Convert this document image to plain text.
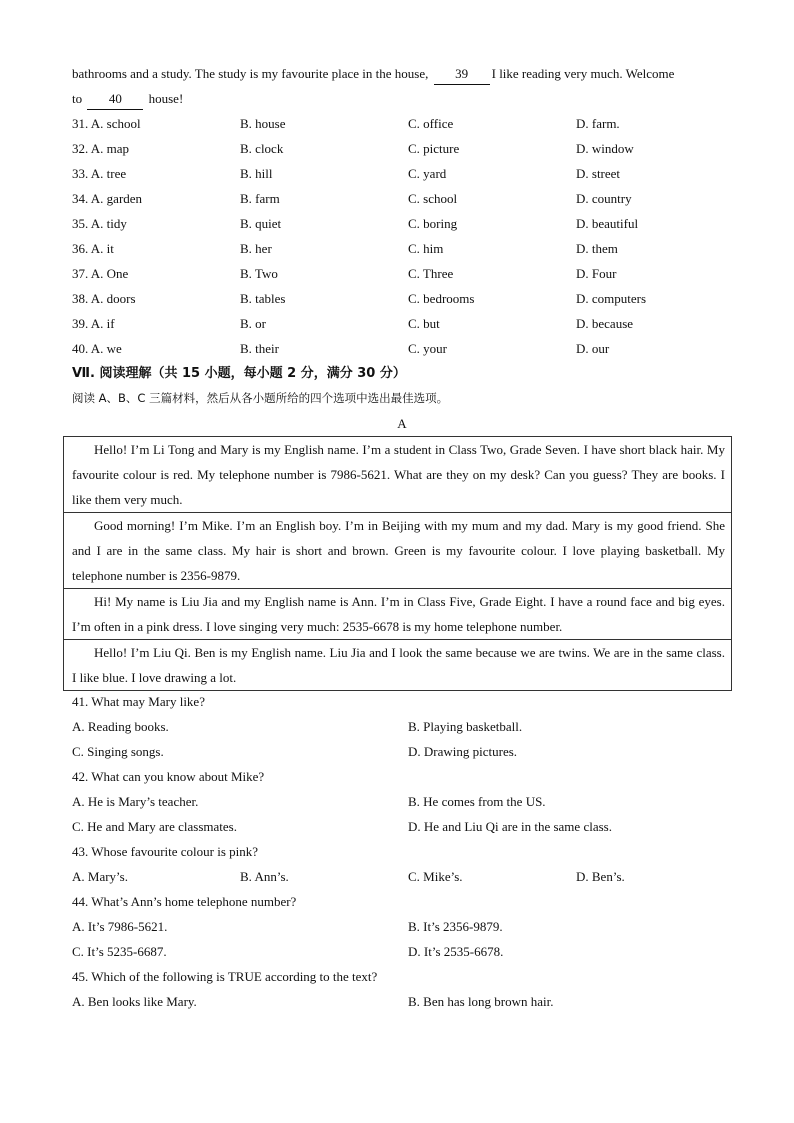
bathrooms and a study. The study is my favourite place in the house, 39 I like reading very much. Welcome
to 40 house!
31. A. school	B. house	C. office	D. farm.
32. A. map	B. clock	C. picture	D. window
33. A. tree	B. hill	C. yard	D. street
34. A. garden	B. farm	C. school	D. country
35. A. tidy	B. quiet	C. boring	D. beautiful
36. A. it	B. her	C. him	D. them
37. A. One	B. Two	C. Three	D. Four
38. A. doors	B. tables	C. bedrooms	D. computers
39. A. if	B. or	C. but	D. because
40. A. we	B. their	C. your	D. our
Ⅶ. 阅读理解（共 15 小题，每小题 2 分，满分 30 分）
阅读 A、B、C 三篇材料，然后从各小题所给的四个选项中选出最佳选项。
A

Hello! I’m Li Tong and Mary is my English name. I’m a student in Class Two, Grade Seven. I have short black hair. My favourite colour is red. My telephone number is 7986-5621. What are they on my desk? Can you guess? They are books. I like them very much.

Good morning! I’m Mike. I’m an English boy. I’m in Beijing with my mum and my dad. Mary is my good friend. She and I are in the same class. My hair is short and brown. Green is my favourite colour. I love playing basketball. My telephone number is 2356-9879.

Hi! My name is Liu Jia and my English name is Ann. I’m in Class Five, Grade Eight. I have a round face and big eyes. I’m often in a pink dress. I love singing very much: 2535-6678 is my home telephone number.

Hello! I’m Liu Qi. Ben is my English name. Liu Jia and I look the same because we are twins. We are in the same class. I like blue. I love drawing a lot.

41. What may Mary like?
A. Reading books.	B. Playing basketball.
C. Singing songs.	D. Drawing pictures.
42. What can you know about Mike?
A. He is Mary’s teacher.	B. He comes from the US.
C. He and Mary are classmates.	D. He and Liu Qi are in the same class.
43. Whose favourite colour is pink?
A. Mary’s.	B. Ann’s.	C. Mike’s.	D. Ben’s.
44. What’s Ann’s home telephone number?
A. It’s 7986-5621.	B. It’s 2356-9879.
C. It’s 5235-6687.	D. It’s 2535-6678.
45. Which of the following is TRUE according to the text?
A. Ben looks like Mary.	B. Ben has long brown hair.
